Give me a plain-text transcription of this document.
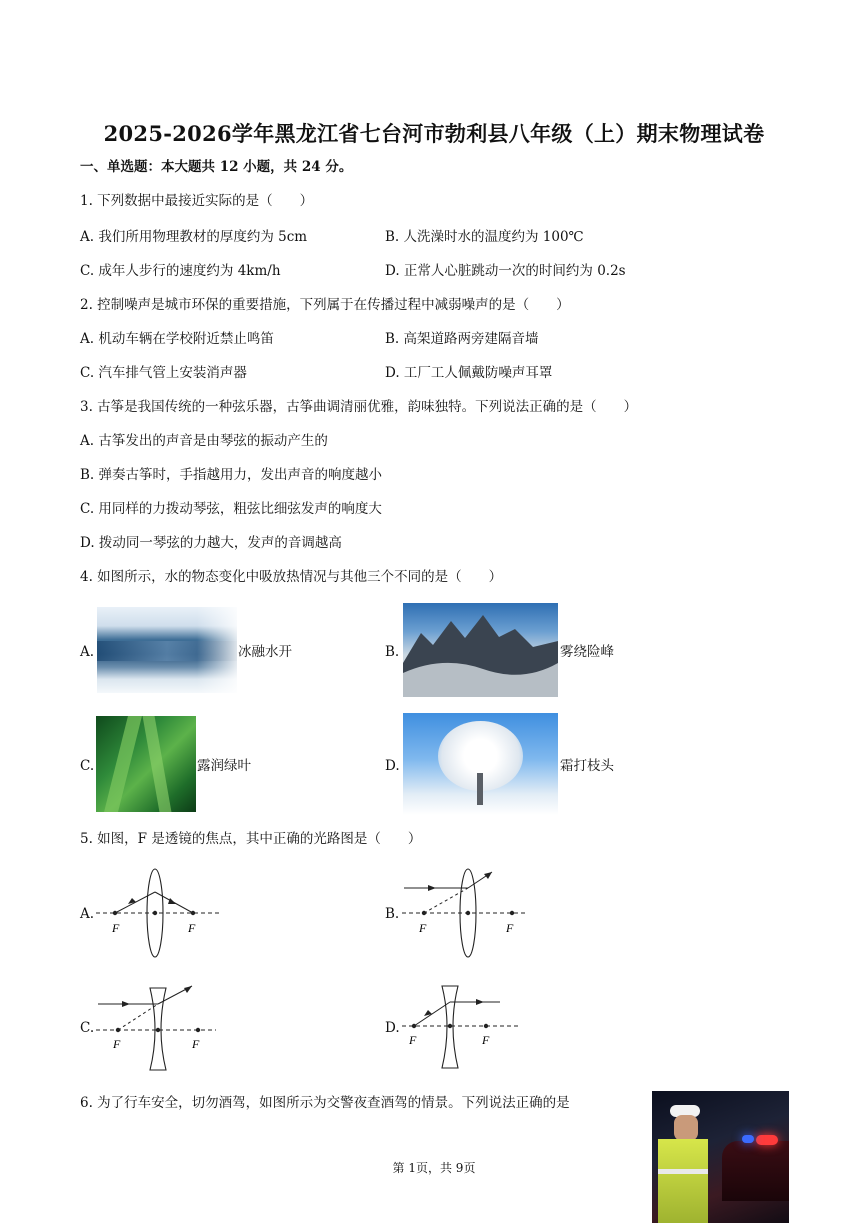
2025-2026学年黑龙江省七台河市勃利县八年级（上）期末物理试卷
一、单选题：本大题共 12 小题，共 24 分。
1. 下列数据中最接近实际的是（　　）
A. 我们所用物理教材的厚度约为 5cm	B. 人洗澡时水的温度约为 100℃
C. 成年人步行的速度约为 4km/h	D. 正常人心脏跳动一次的时间约为 0.2s
2. 控制噪声是城市环保的重要措施，下列属于在传播过程中减弱噪声的是（　　）
A. 机动车辆在学校附近禁止鸣笛	B. 高架道路两旁建隔音墙
C. 汽车排气管上安装消声器	D. 工厂工人佩戴防噪声耳罩
3. 古筝是我国传统的一种弦乐器，古筝曲调清丽优雅，韵味独特。下列说法正确的是（　　）
A. 古筝发出的声音是由琴弦的振动产生的
B. 弹奏古筝时，手指越用力，发出声音的响度越小
C. 用同样的力拨动琴弦，粗弦比细弦发声的响度大
D. 拨动同一琴弦的力越大，发声的音调越高
4. 如图所示，水的物态变化中吸放热情况与其他三个不同的是（　　）
A.	冰融水开	B.	雾绕险峰
C.	露润绿叶	D.	霜打枝头
5. 如图，F 是透镜的焦点，其中正确的光路图是（　　）
A.
F	F
B.
F	F
C.
F	F
D.
F	F
6. 为了行车安全，切勿酒驾，如图所示为交警夜查酒驾的情景。下列说法正确的是
第 1页，共 9页
